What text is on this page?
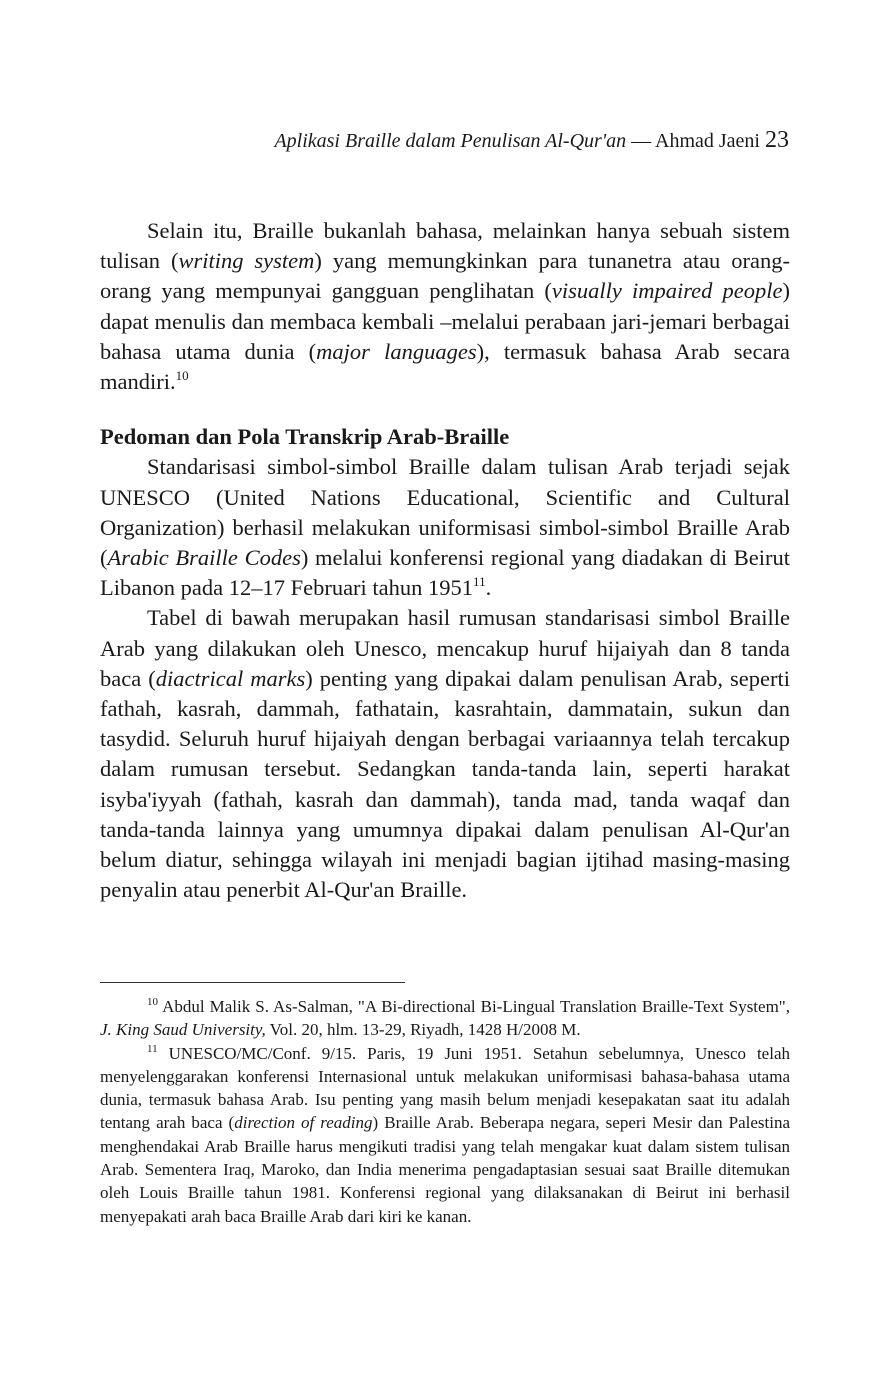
Aplikasi Braille dalam Penulisan Al-Qur'an — Ahmad Jaeni 23

Selain itu, Braille bukanlah bahasa, melainkan hanya sebuah sistem tulisan (writing system) yang memungkinkan para tunanetra atau orang-orang yang mempunyai gangguan penglihatan (visually impaired people) dapat menulis dan membaca kembali –melalui perabaan jari-jemari berbagai bahasa utama dunia (major languages), termasuk bahasa Arab secara mandiri.$^{10}$

Pedoman dan Pola Transkrip Arab-Braille

Standarisasi simbol-simbol Braille dalam tulisan Arab terjadi sejak UNESCO (United Nations Educational, Scientific and Cultural Organization) berhasil melakukan uniformisasi simbol-simbol Braille Arab (Arabic Braille Codes) melalui konferensi regional yang diadakan di Beirut Libanon pada 12–17 Februari tahun 1951$^{11}$.

Tabel di bawah merupakan hasil rumusan standarisasi simbol Braille Arab yang dilakukan oleh Unesco, mencakup huruf hijaiyah dan 8 tanda baca (diactrical marks) penting yang dipakai dalam penulisan Arab, seperti fathah, kasrah, dammah, fathatain, kasrahtain, dammatain, sukun dan tasydid. Seluruh huruf hijaiyah dengan berbagai variaannya telah tercakup dalam rumusan tersebut. Sedangkan tanda-tanda lain, seperti harakat isyba'iyyah (fathah, kasrah dan dammah), tanda mad, tanda waqaf dan tanda-tanda lainnya yang umumnya dipakai dalam penulisan Al-Qur'an belum diatur, sehingga wilayah ini menjadi bagian ijtihad masing-masing penyalin atau penerbit Al-Qur'an Braille.

$^{10}$ Abdul Malik S. As-Salman, "A Bi-directional Bi-Lingual Translation Braille-Text System", J. King Saud University, Vol. 20, hlm. 13-29, Riyadh, 1428 H/2008 M.

$^{11}$ UNESCO/MC/Conf. 9/15. Paris, 19 Juni 1951. Setahun sebelumnya, Unesco telah menyelenggarakan konferensi Internasional untuk melakukan uniformisasi bahasa-bahasa utama dunia, termasuk bahasa Arab. Isu penting yang masih belum menjadi kesepakatan saat itu adalah tentang arah baca (direction of reading) Braille Arab. Beberapa negara, seperi Mesir dan Palestina menghendakai Arab Braille harus mengikuti tradisi yang telah mengakar kuat dalam sistem tulisan Arab. Sementera Iraq, Maroko, dan India menerima pengadaptasian sesuai saat Braille ditemukan oleh Louis Braille tahun 1981. Konferensi regional yang dilaksanakan di Beirut ini berhasil menyepakati arah baca Braille Arab dari kiri ke kanan.
